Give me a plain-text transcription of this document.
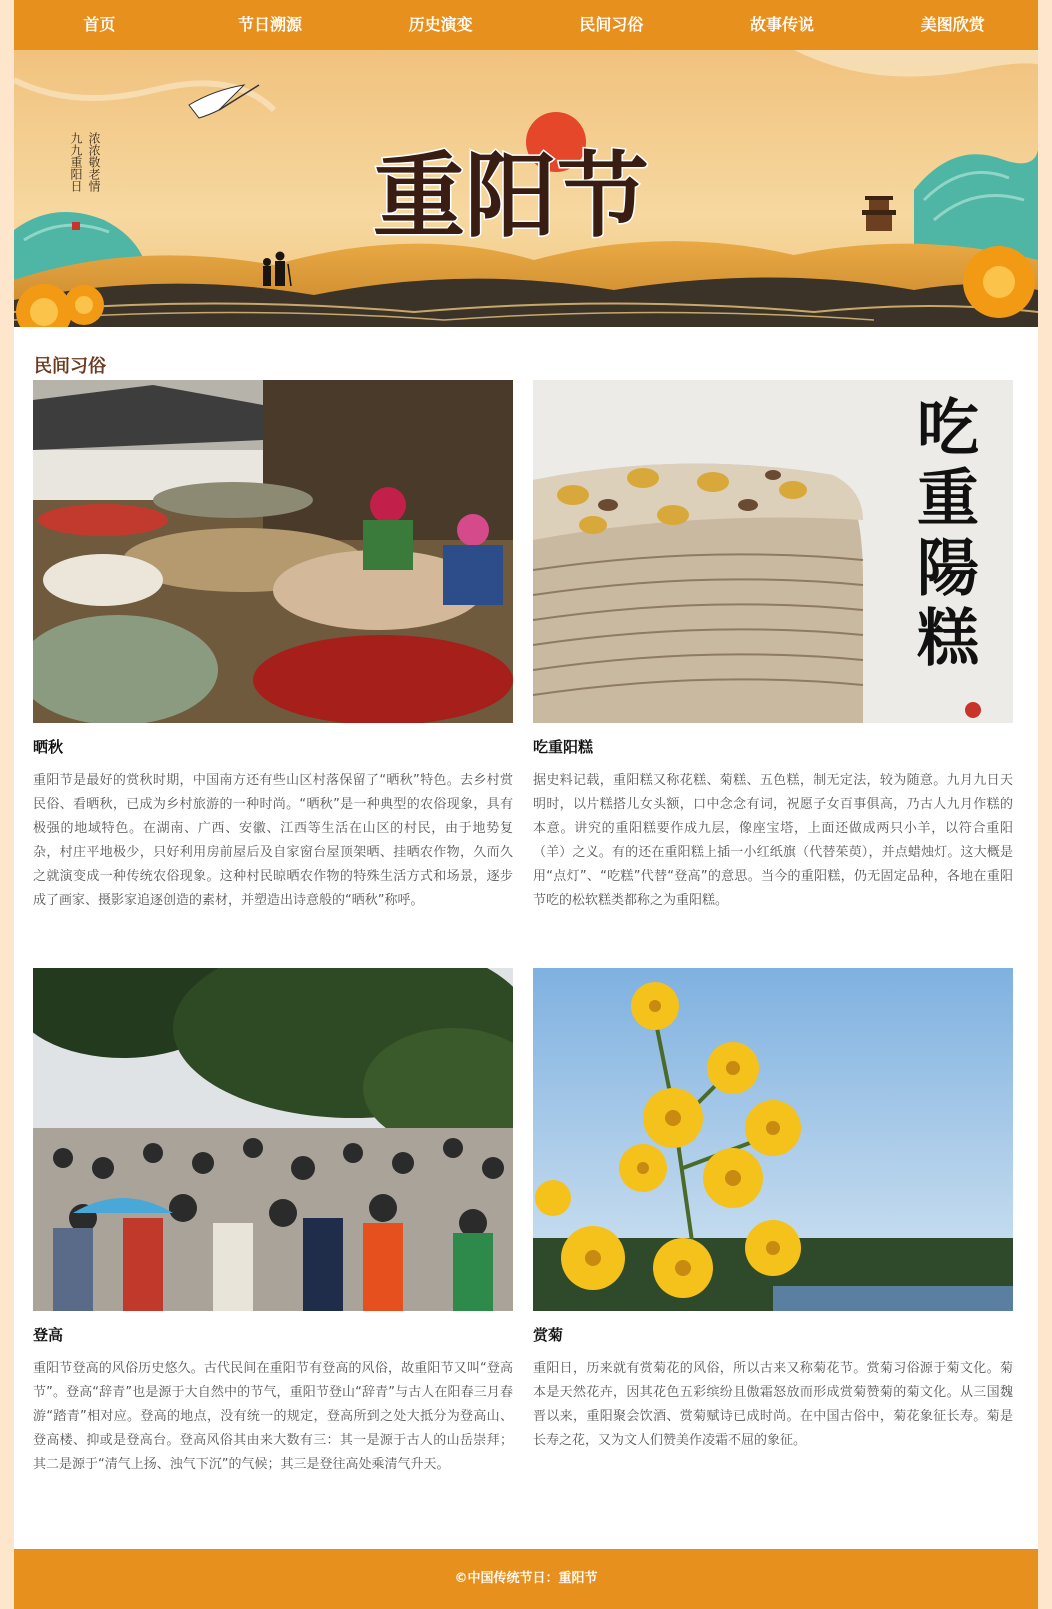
首页	节日溯源	历史演变	民间习俗	故事传说	美图欣赏
重阳节
浓浓敬老情
九九重阳日
民间习俗
晒秋

重阳节是最好的赏秋时期，中国南方还有些山区村落保留了“晒秋”特色。去乡村赏民俗、看晒秋，已成为乡村旅游的一种时尚。“晒秋”是一种典型的农俗现象，具有极强的地域特色。在湖南、广西、安徽、江西等生活在山区的村民，由于地势复杂，村庄平地极少，只好利用房前屋后及自家窗台屋顶架晒、挂晒农作物，久而久之就演变成一种传统农俗现象。这种村民晾晒农作物的特殊生活方式和场景，逐步成了画家、摄影家追逐创造的素材，并塑造出诗意般的“晒秋”称呼。

吃重陽糕
吃重阳糕

据史料记载，重阳糕又称花糕、菊糕、五色糕，制无定法，较为随意。九月九日天明时，以片糕搭儿女头额，口中念念有词，祝愿子女百事俱高，乃古人九月作糕的本意。讲究的重阳糕要作成九层，像座宝塔，上面还做成两只小羊，以符合重阳（羊）之义。有的还在重阳糕上插一小红纸旗（代替茱萸），并点蜡烛灯。这大概是用“点灯”、“吃糕”代替“登高”的意思。当今的重阳糕，仍无固定品种，各地在重阳节吃的松软糕类都称之为重阳糕。

登高

重阳节登高的风俗历史悠久。古代民间在重阳节有登高的风俗，故重阳节又叫“登高节”。登高“辞青”也是源于大自然中的节气，重阳节登山“辞青”与古人在阳春三月春游“踏青”相对应。登高的地点，没有统一的规定，登高所到之处大抵分为登高山、登高楼、抑或是登高台。登高风俗其由来大数有三：其一是源于古人的山岳崇拜；其二是源于“清气上扬、浊气下沉”的气候；其三是登往高处乘清气升天。

赏菊

重阳日，历来就有赏菊花的风俗，所以古来又称菊花节。赏菊习俗源于菊文化。菊本是天然花卉，因其花色五彩缤纷且傲霜怒放而形成赏菊赞菊的菊文化。从三国魏晋以来，重阳聚会饮酒、赏菊赋诗已成时尚。在中国古俗中，菊花象征长寿。菊是长寿之花，又为文人们赞美作凌霜不屈的象征。

©中国传统节日：重阳节
